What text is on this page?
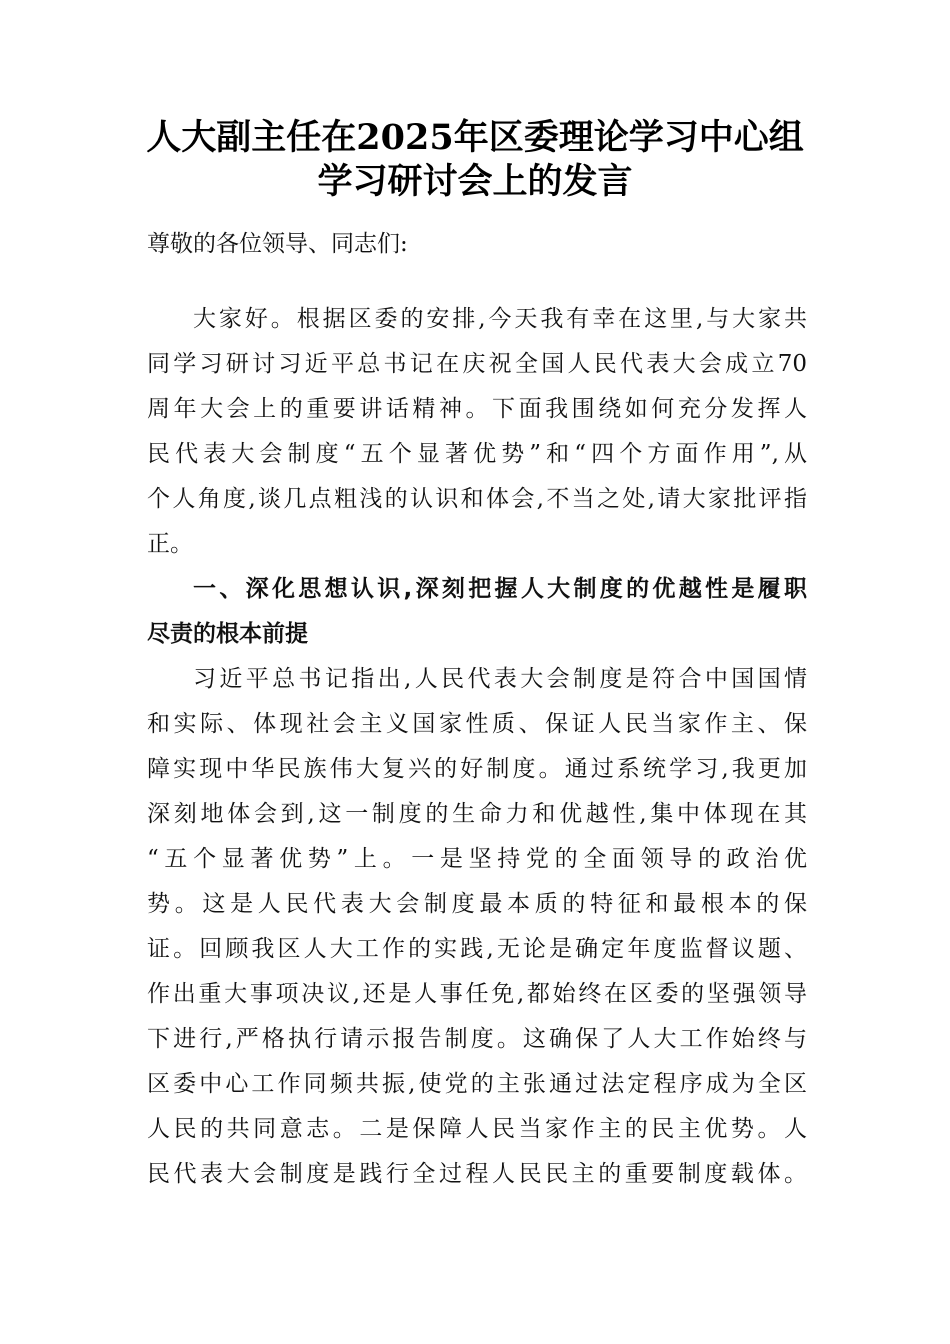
人大副主任在2025年区委理论学习中心组
学习研讨会上的发言
尊敬的各位领导、同志们:
大家好。根据区委的安排,今天我有幸在这里,与大家共
同学习研讨习近平总书记在庆祝全国人民代表大会成立70
周年大会上的重要讲话精神。下面我围绕如何充分发挥人
民代表大会制度“五个显著优势”和“四个方面作用”,从
个人角度,谈几点粗浅的认识和体会,不当之处,请大家批评指
正。
一、深化思想认识,深刻把握人大制度的优越性是履职
尽责的根本前提
习近平总书记指出,人民代表大会制度是符合中国国情
和实际、体现社会主义国家性质、保证人民当家作主、保
障实现中华民族伟大复兴的好制度。通过系统学习,我更加
深刻地体会到,这一制度的生命力和优越性,集中体现在其
“五个显著优势”上。一是坚持党的全面领导的政治优
势。这是人民代表大会制度最本质的特征和最根本的保
证。回顾我区人大工作的实践,无论是确定年度监督议题、
作出重大事项决议,还是人事任免,都始终在区委的坚强领导
下进行,严格执行请示报告制度。这确保了人大工作始终与
区委中心工作同频共振,使党的主张通过法定程序成为全区
人民的共同意志。二是保障人民当家作主的民主优势。人
民代表大会制度是践行全过程人民民主的重要制度载体。
